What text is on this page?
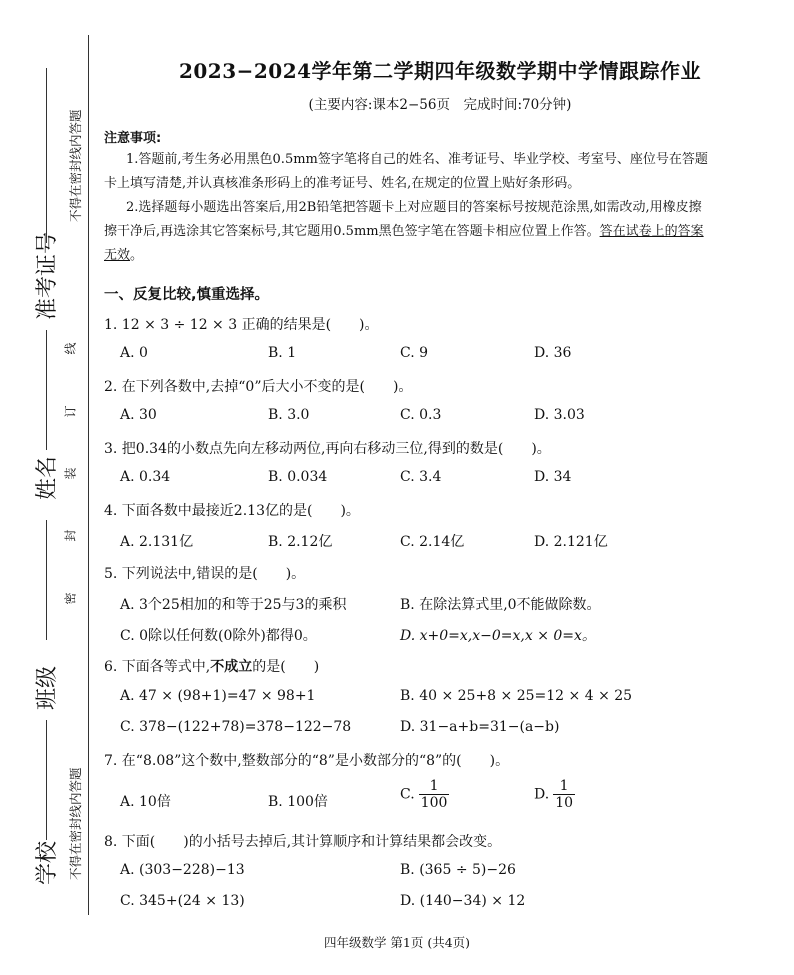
准考证号
姓名
班级
学校
不得在密封线内答题
不得在密封线内答题
线
订
装
封
密
2023−2024学年第二学期四年级数学期中学情跟踪作业
(主要内容:课本2−56页　完成时间:70分钟)
注意事项:
1.答题前,考生务必用黑色0.5mm签字笔将自己的姓名、准考证号、毕业学校、考室号、座位号在答题卡上填写清楚,并认真核准条形码上的准考证号、姓名,在规定的位置上贴好条形码。
2.选择题每小题选出答案后,用2B铅笔把答题卡上对应题目的答案标号按规范涂黑,如需改动,用橡皮擦擦干净后,再选涂其它答案标号,其它题用0.5mm黑色签字笔在答题卡相应位置上作答。答在试卷上的答案无效。
一、反复比较,慎重选择。
1. 12 × 3 ÷ 12 × 3 正确的结果是(　　)。
A. 0	B. 1	C. 9	D. 36
2. 在下列各数中,去掉“0”后大小不变的是(　　)。
A. 30	B. 3.0	C. 0.3	D. 3.03
3. 把0.34的小数点先向左移动两位,再向右移动三位,得到的数是(　　)。
A. 0.34	B. 0.034	C. 3.4	D. 34
4. 下面各数中最接近2.13亿的是(　　)。
A. 2.131亿	B. 2.12亿	C. 2.14亿	D. 2.121亿
5. 下列说法中,错误的是(　　)。
A. 3个25相加的和等于25与3的乘积	B. 在除法算式里,0不能做除数。
C. 0除以任何数(0除外)都得0。	D. x+0=x,x−0=x,x × 0=x。
6. 下面各等式中,不成立的是(　　)
A. 47 × (98+1)=47 × 98+1	B. 40 × 25+8 × 25=12 × 4 × 25
C. 378−(122+78)=378−122−78	D. 31−a+b=31−(a−b)
7. 在“8.08”这个数中,整数部分的“8”是小数部分的“8”的(　　)。
A. 10倍	B. 100倍	C. $\frac{1}{100}$	D. $\frac{1}{10}$
8. 下面(　　)的小括号去掉后,其计算顺序和计算结果都会改变。
A. (303−228)−13	B. (365 ÷ 5)−26
C. 345+(24 × 13)	D. (140−34) × 12
四年级数学 第1页 (共4页)
